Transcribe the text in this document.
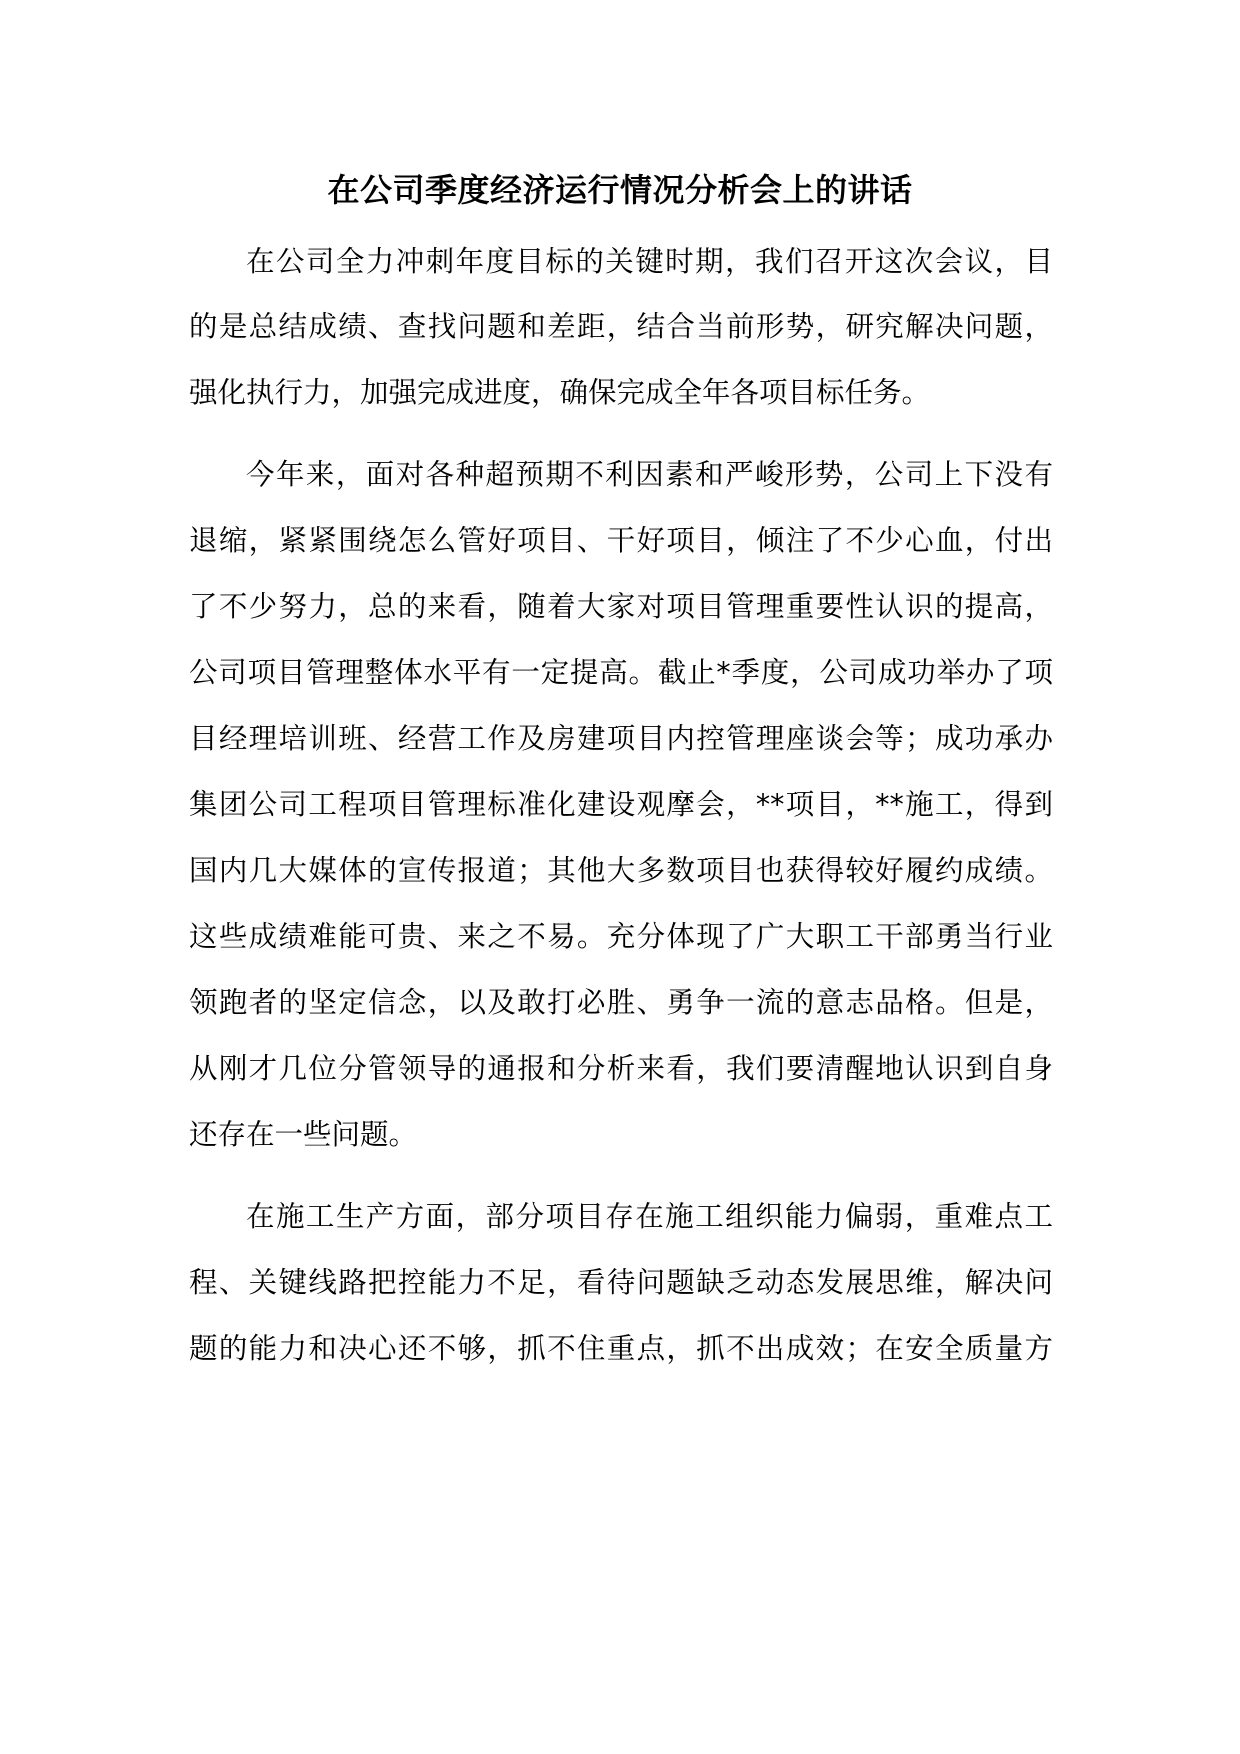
在公司季度经济运行情况分析会上的讲话
在公司全力冲刺年度目标的关键时期，我们召开这次会议，目
的是总结成绩、查找问题和差距，结合当前形势，研究解决问题，
强化执行力，加强完成进度，确保完成全年各项目标任务。
今年来，面对各种超预期不利因素和严峻形势，公司上下没有
退缩，紧紧围绕怎么管好项目、干好项目，倾注了不少心血，付出
了不少努力，总的来看，随着大家对项目管理重要性认识的提高，
公司项目管理整体水平有一定提高。截止*季度，公司成功举办了项
目经理培训班、经营工作及房建项目内控管理座谈会等；成功承办
集团公司工程项目管理标准化建设观摩会，**项目，**施工，得到
国内几大媒体的宣传报道；其他大多数项目也获得较好履约成绩。
这些成绩难能可贵、来之不易。充分体现了广大职工干部勇当行业
领跑者的坚定信念，以及敢打必胜、勇争一流的意志品格。但是，
从刚才几位分管领导的通报和分析来看，我们要清醒地认识到自身
还存在一些问题。
在施工生产方面，部分项目存在施工组织能力偏弱，重难点工
程、关键线路把控能力不足，看待问题缺乏动态发展思维，解决问
题的能力和决心还不够，抓不住重点，抓不出成效；在安全质量方
